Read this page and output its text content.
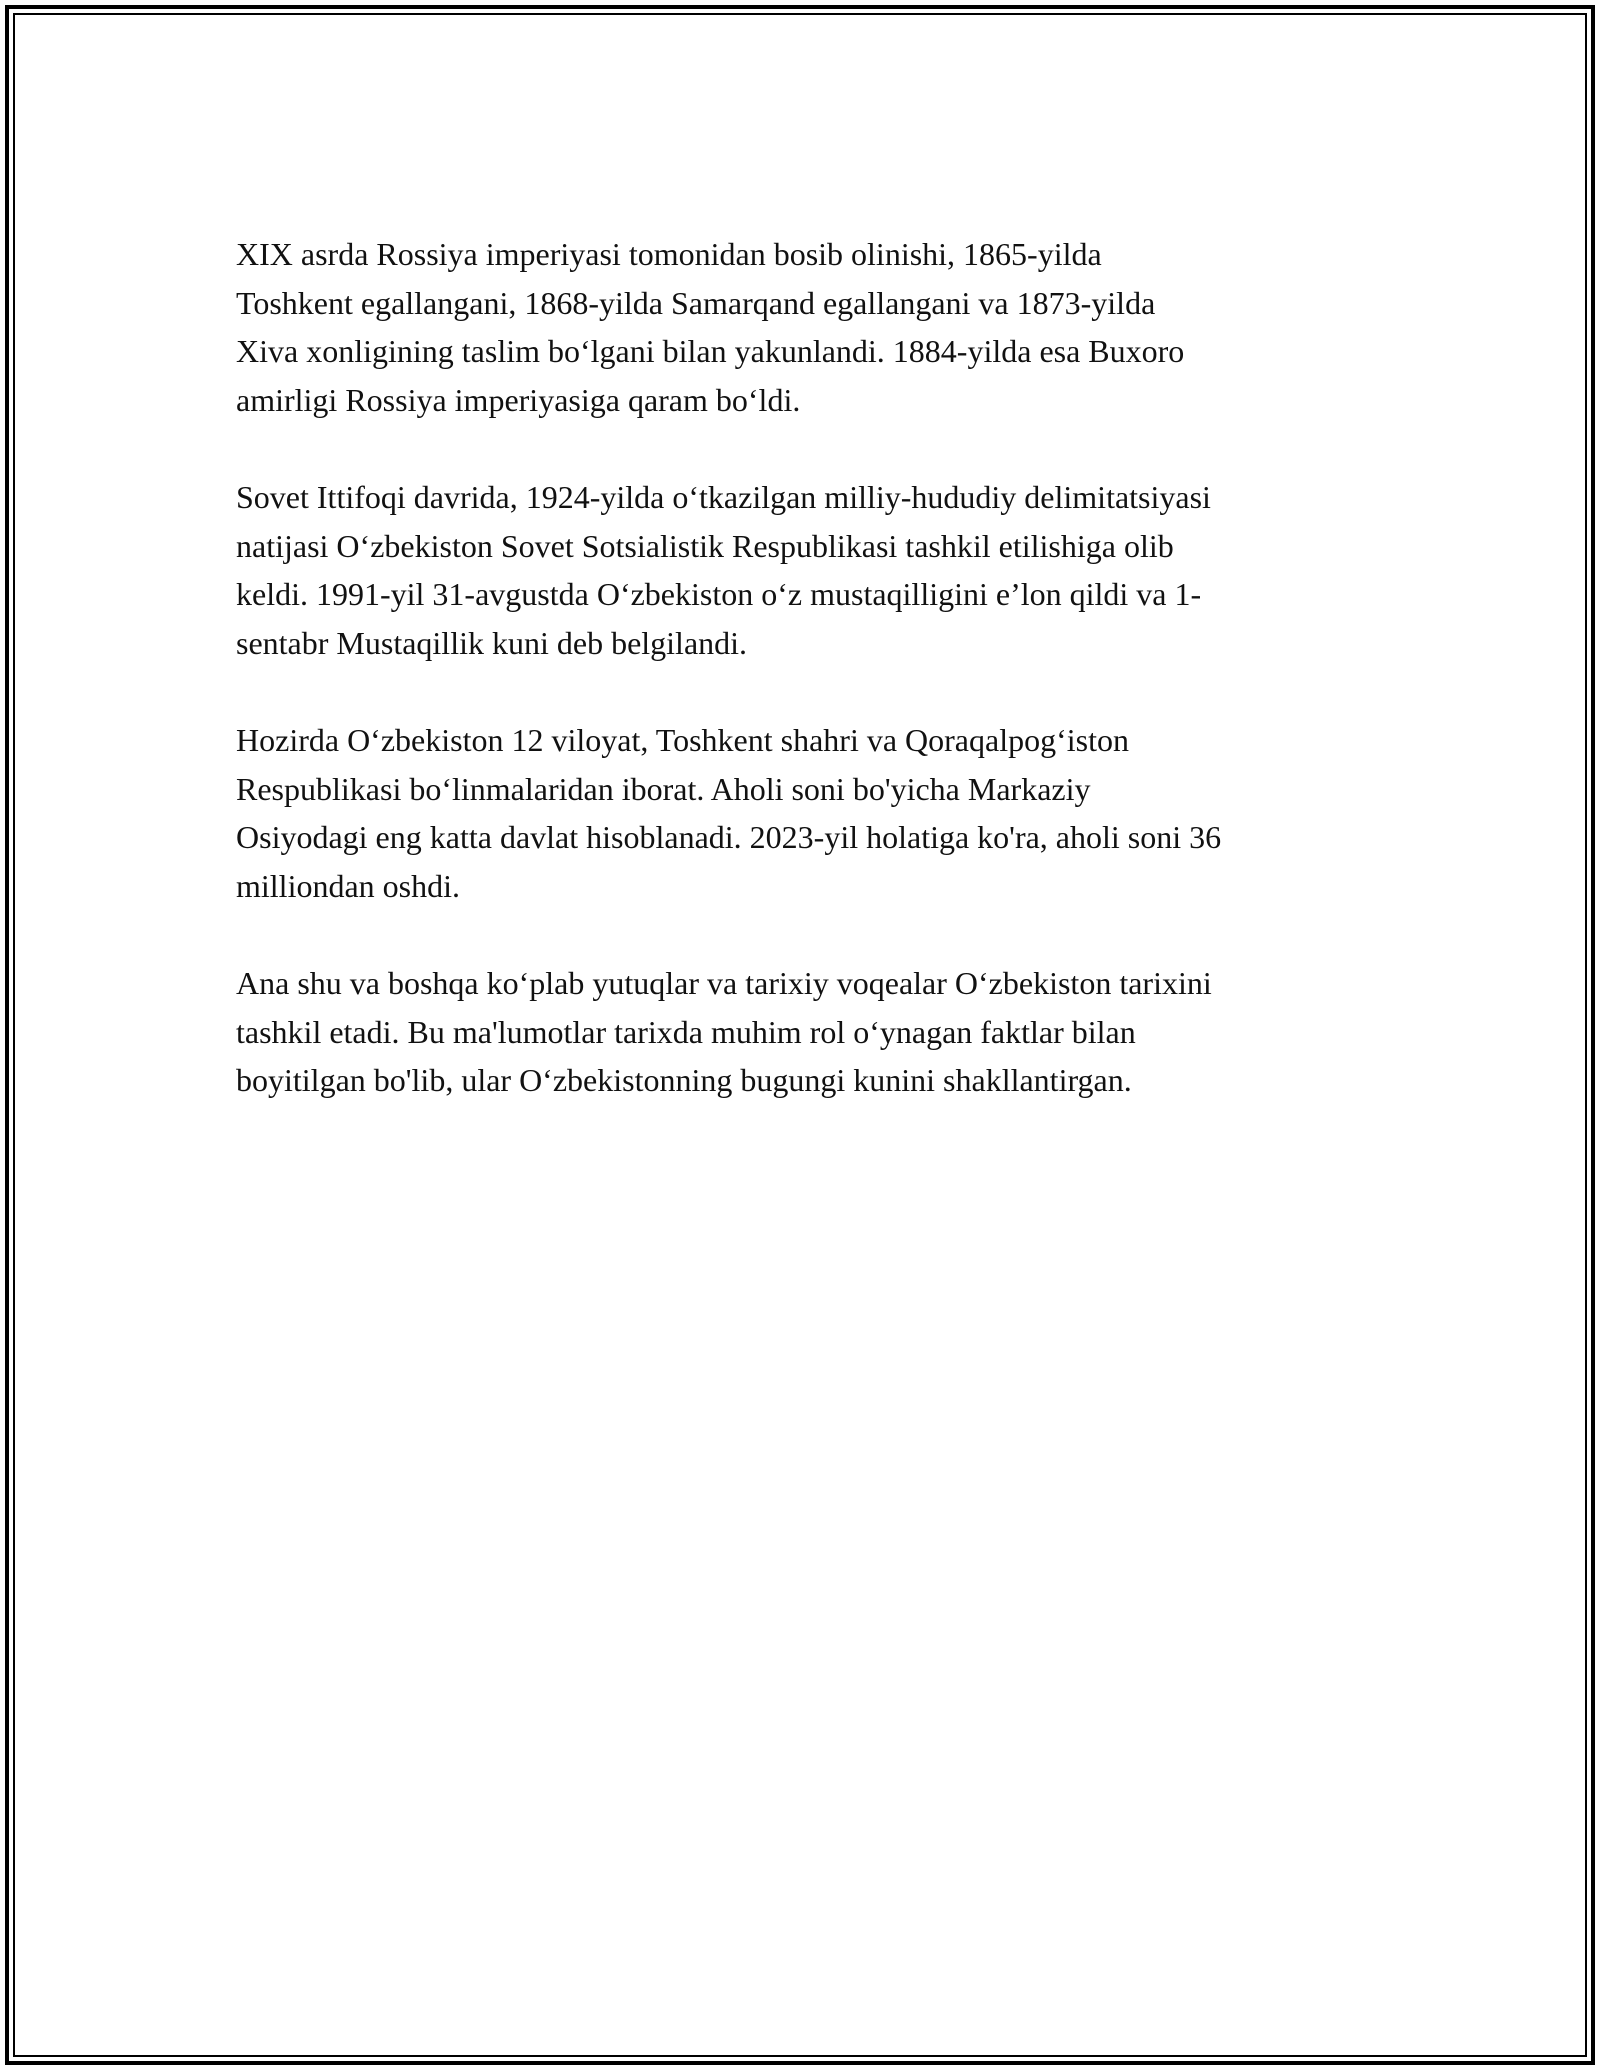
XIX asrda Rossiya imperiyasi tomonidan bosib olinishi, 1865-yilda

Toshkent egallangani, 1868-yilda Samarqand egallangani va 1873-yilda

Xiva xonligining taslim bo‘lgani bilan yakunlandi. 1884-yilda esa Buxoro

amirligi Rossiya imperiyasiga qaram bo‘ldi.

Sovet Ittifoqi davrida, 1924-yilda o‘tkazilgan milliy-hududiy delimitatsiyasi

natijasi O‘zbekiston Sovet Sotsialistik Respublikasi tashkil etilishiga olib

keldi. 1991-yil 31-avgustda O‘zbekiston o‘z mustaqilligini e’lon qildi va 1-

sentabr Mustaqillik kuni deb belgilandi.

Hozirda O‘zbekiston 12 viloyat, Toshkent shahri va Qoraqalpog‘iston

Respublikasi bo‘linmalaridan iborat. Aholi soni bo'yicha Markaziy

Osiyodagi eng katta davlat hisoblanadi. 2023-yil holatiga ko'ra, aholi soni 36

milliondan oshdi.

Ana shu va boshqa ko‘plab yutuqlar va tarixiy voqealar O‘zbekiston tarixini

tashkil etadi. Bu ma'lumotlar tarixda muhim rol o‘ynagan faktlar bilan

boyitilgan bo'lib, ular O‘zbekistonning bugungi kunini shakllantirgan.
